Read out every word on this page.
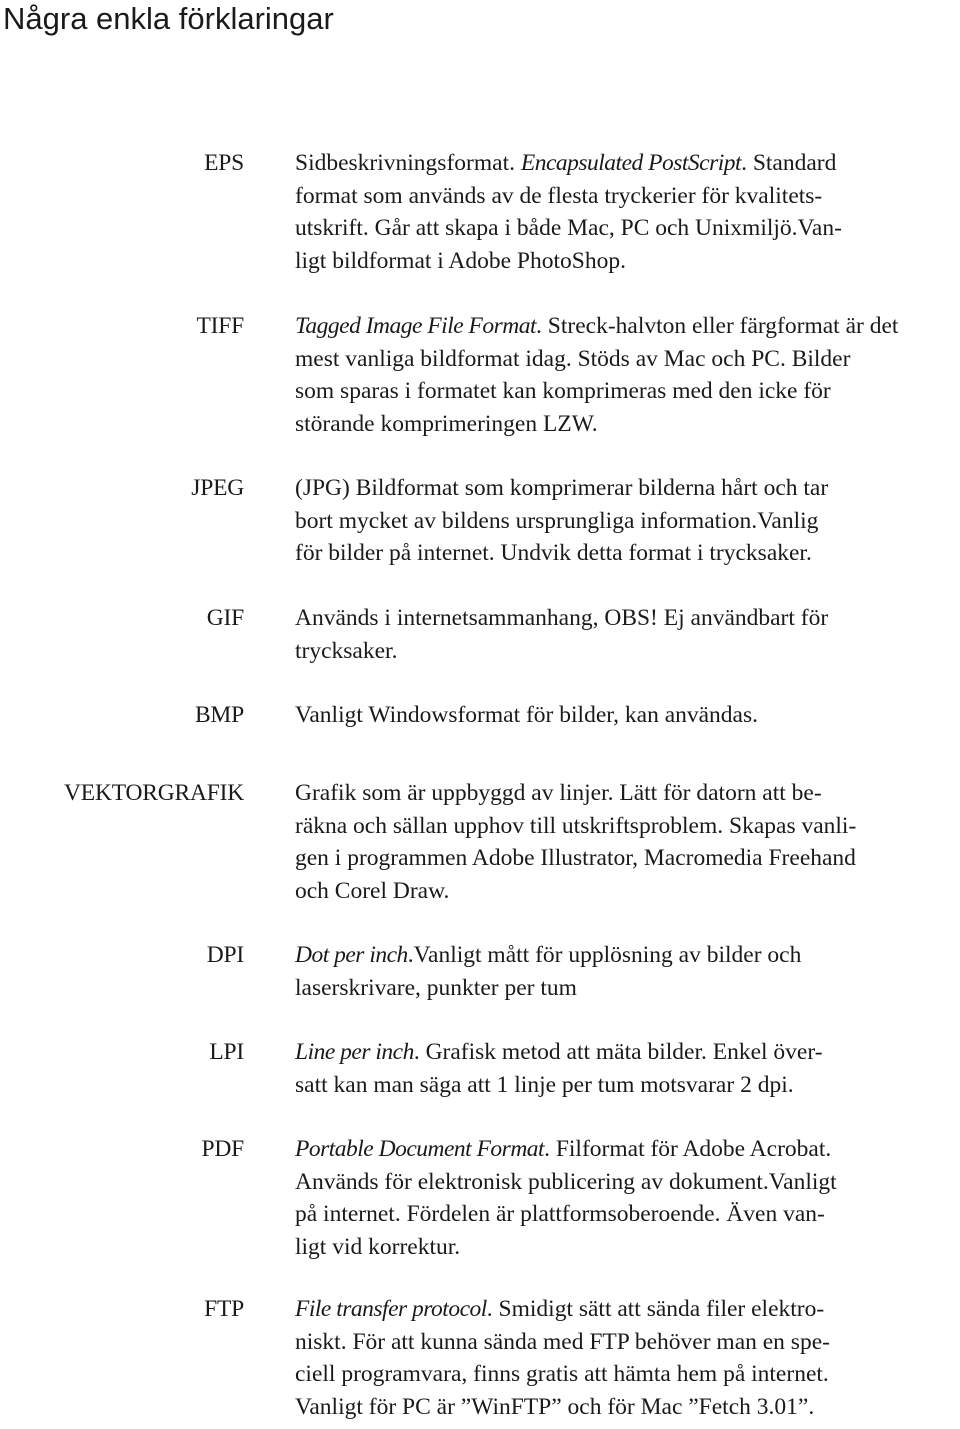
Några enkla förklaringar
EPS Sidbeskrivningsformat. Encapsulated PostScript. Standard
format som används av de flesta tryckerier för kvalitets-
utskrift. Går att skapa i både Mac, PC och Unixmiljö.Van-
ligt bildformat i Adobe PhotoShop.
TIFF Tagged Image File Format. Streck-halvton eller färgformat är det
mest vanliga bildformat idag. Stöds av Mac och PC. Bilder
som sparas i formatet kan komprimeras med den icke för
störande komprimeringen LZW.
JPEG (JPG) Bildformat som komprimerar bilderna hårt och tar
bort mycket av bildens ursprungliga information.Vanlig
för bilder på internet. Undvik detta format i trycksaker.
GIF Används i internetsammanhang, OBS! Ej användbart för
trycksaker.
BMP Vanligt Windowsformat för bilder, kan användas.
VEKTORGRAFIK Grafik som är uppbyggd av linjer. Lätt för datorn att be-
räkna och sällan upphov till utskriftsproblem. Skapas vanli-
gen i programmen Adobe Illustrator, Macromedia Freehand
och Corel Draw.
DPI Dot per inch.Vanligt mått för upplösning av bilder och
laserskrivare, punkter per tum
LPI Line per inch. Grafisk metod att mäta bilder. Enkel över-
satt kan man säga att 1 linje per tum motsvarar 2 dpi.
PDF Portable Document Format. Filformat för Adobe Acrobat.
Används för elektronisk publicering av dokument.Vanligt
på internet. Fördelen är plattformsoberoende. Även van-
ligt vid korrektur.
FTP File transfer protocol. Smidigt sätt att sända filer elektro-
niskt. För att kunna sända med FTP behöver man en spe-
ciell programvara, finns gratis att hämta hem på internet.
Vanligt för PC är ”WinFTP” och för Mac ”Fetch 3.01”.
